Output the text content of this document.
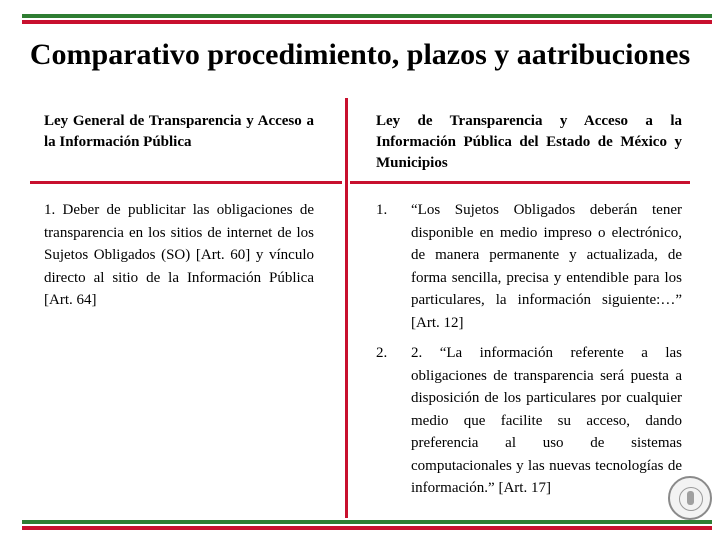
Comparativo procedimiento, plazos y aatribuciones
Ley General de Transparencia y Acceso a la Información Pública
Ley de Transparencia y Acceso a la Información Pública del Estado de México y Municipios
1. Deber de publicitar las obligaciones de transparencia en los sitios de internet de los Sujetos Obligados (SO) [Art. 60] y vínculo directo al sitio de la Información Pública [Art. 64]
1. “Los Sujetos Obligados deberán tener disponible en medio impreso o electrónico, de manera permanente y actualizada, de forma sencilla, precisa y entendible para los particulares, la información siguiente:…” [Art. 12]
2. 2. “La información referente a las obligaciones de transparencia será puesta a disposición de los particulares por cualquier medio que facilite su acceso, dando preferencia al uso de sistemas computacionales y las nuevas tecnologías de información.” [Art. 17]
